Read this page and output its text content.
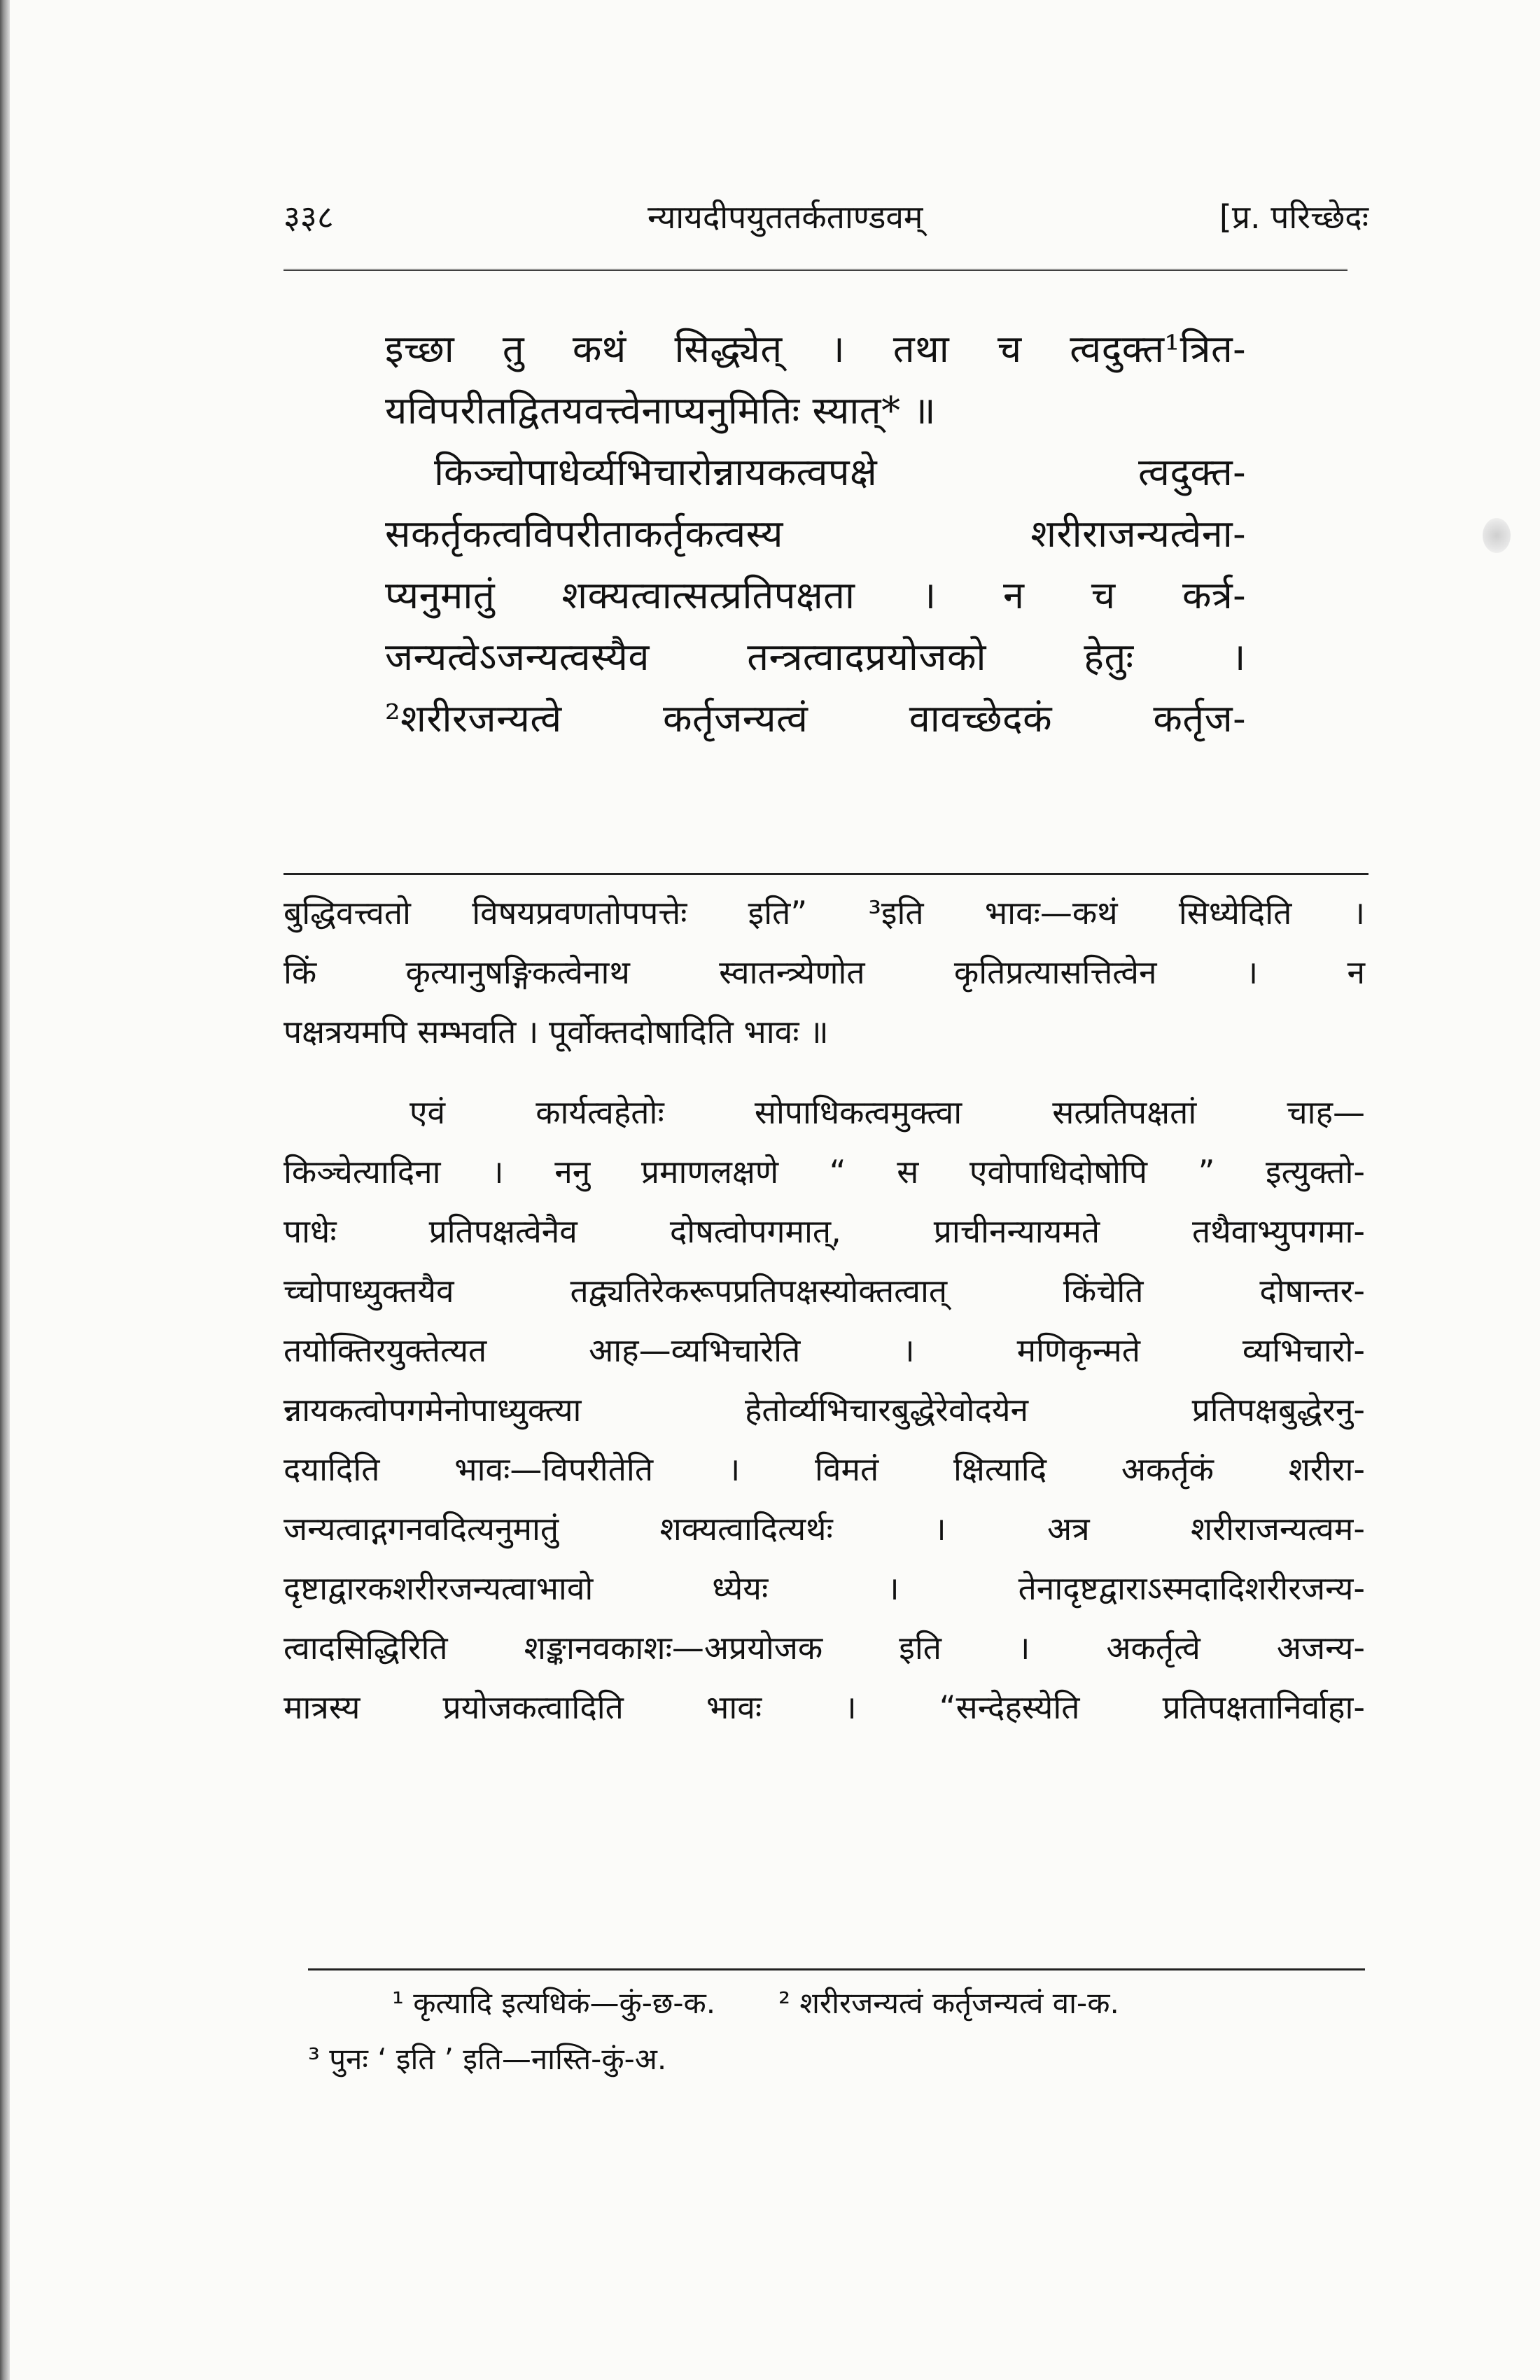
३३८	न्यायदीपयुततर्कताण्डवम्	[प्र. परिच्छेदः
इच्छा तु कथं सिद्ध्येत् । तथा च त्वदुक्त¹त्रित-
यविपरीतद्वितयवत्त्वेनाप्यनुमितिः स्यात्* ॥
किञ्चोपाधेर्व्यभिचारोन्नायकत्वपक्षे त्वदुक्त-
सकर्तृकत्वविपरीताकर्तृकत्वस्य शरीराजन्यत्वेना-
प्यनुमातुं शक्यत्वात्सत्प्रतिपक्षता । न च कर्त्र-
जन्यत्वेऽजन्यत्वस्यैव तन्त्रत्वादप्रयोजको हेतुः ।
²शरीरजन्यत्वे कर्तृजन्यत्वं वावच्छेदकं कर्तृज-
बुद्धिवत्त्वतो विषयप्रवणतोपपत्तेः इति” ³इति भावः—कथं सिध्येदिति ।
किं कृत्यानुषङ्गिकत्वेनाथ स्वातन्त्र्येणोत कृतिप्रत्यासत्तित्वेन । न
पक्षत्रयमपि सम्भवति । पूर्वोक्तदोषादिति भावः ॥
एवं कार्यत्वहेतोः सोपाधिकत्वमुक्त्वा सत्प्रतिपक्षतां चाह—
किञ्चेत्यादिना । ननु प्रमाणलक्षणे “ स एवोपाधिदोषोपि ” इत्युक्तो-
पाधेः प्रतिपक्षत्वेनैव दोषत्वोपगमात्, प्राचीनन्यायमते तथैवाभ्युपगमा-
च्चोपाध्युक्तयैव तद्व्यतिरेकरूपप्रतिपक्षस्योक्तत्वात् किंचेति दोषान्तर-
तयोक्तिरयुक्तेत्यत आह—व्यभिचारेति । मणिकृन्मते व्यभिचारो-
न्नायकत्वोपगमेनोपाध्युक्त्या हेतोर्व्यभिचारबुद्धेरेवोदयेन प्रतिपक्षबुद्धेरनु-
दयादिति भावः—विपरीतेति । विमतं क्षित्यादि अकर्तृकं शरीरा-
जन्यत्वाद्गगनवदित्यनुमातुं शक्यत्वादित्यर्थः । अत्र शरीराजन्यत्वम-
दृष्टाद्वारकशरीरजन्यत्वाभावो ध्येयः । तेनादृष्टद्वाराऽस्मदादिशरीरजन्य-
त्वादसिद्धिरिति शङ्कानवकाशः—अप्रयोजक इति । अकर्तृत्वे अजन्य-
मात्रस्य प्रयोजकत्वादिति भावः । “सन्देहस्येति प्रतिपक्षतानिर्वाहा-
¹ कृत्यादि इत्यधिकं—कुं-छ-क. ² शरीरजन्यत्वं कर्तृजन्यत्वं वा-क.
³ पुनः ‘ इति ’ इति—नास्ति-कुं-अ.
